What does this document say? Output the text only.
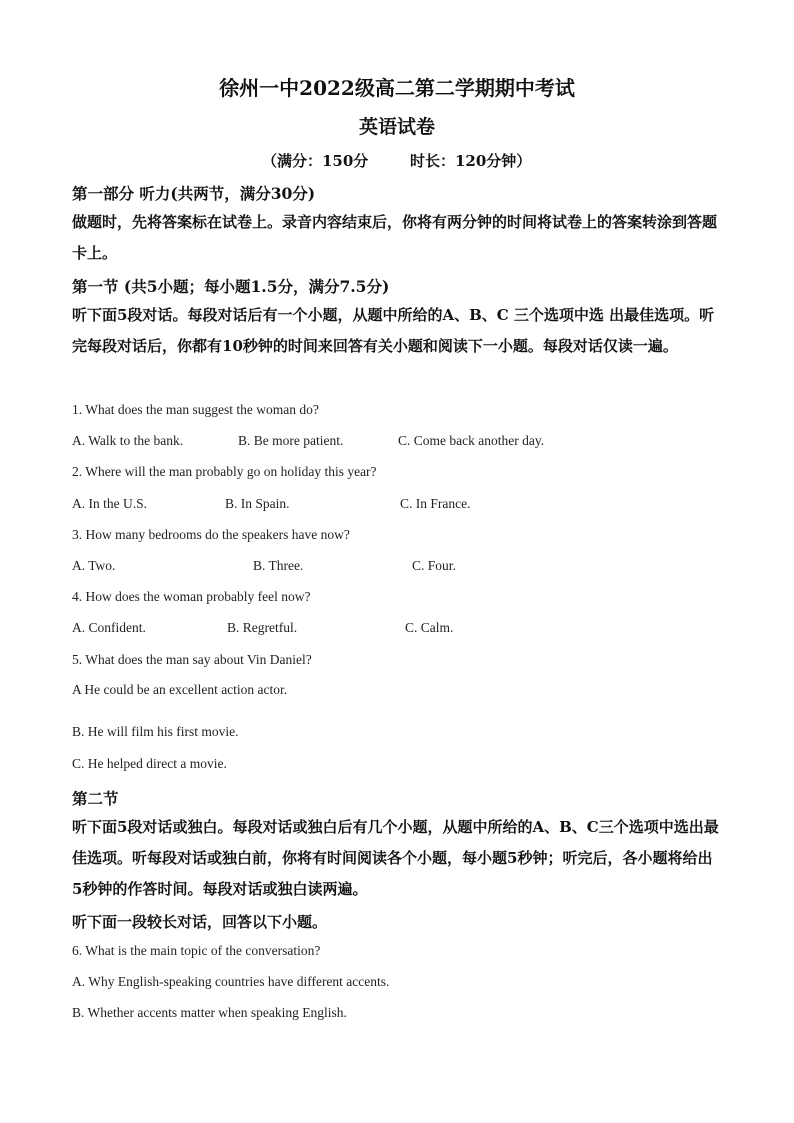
徐州一中2022级高二第二学期期中考试
英语试卷
（满分：150分	时长：120分钟）
第一部分 听力(共两节，满分30分)
做题时，先将答案标在试卷上。录音内容结束后，你将有两分钟的时间将试卷上的答案转涂到答题卡上。
第一节 (共5小题；每小题1.5分，满分7.5分)
听下面5段对话。每段对话后有一个小题，从题中所给的A、B、C 三个选项中选 出最佳选项。听完每段对话后，你都有10秒钟的时间来回答有关小题和阅读下一小题。每段对话仅读一遍。
1. What does the man suggest the woman do?
A. Walk to the bank.	B. Be more patient.	C. Come back another day.
2. Where will the man probably go on holiday this year?
A. In the U.S.	B. In Spain.	C. In France.
3. How many bedrooms do the speakers have now?
A. Two.	B. Three.	C. Four.
4. How does the woman probably feel now?
A. Confident.	B. Regretful.	C. Calm.
5. What does the man say about Vin Daniel?
A He could be an excellent action actor.
B. He will film his first movie.
C. He helped direct a movie.
第二节
听下面5段对话或独白。每段对话或独白后有几个小题，从题中所给的A、B、C三个选项中选出最佳选项。听每段对话或独白前，你将有时间阅读各个小题，每小题5秒钟；听完后，各小题将给出5秒钟的作答时间。每段对话或独白读两遍。
听下面一段较长对话，回答以下小题。
6. What is the main topic of the conversation?
A. Why English-speaking countries have different accents.
B. Whether accents matter when speaking English.
